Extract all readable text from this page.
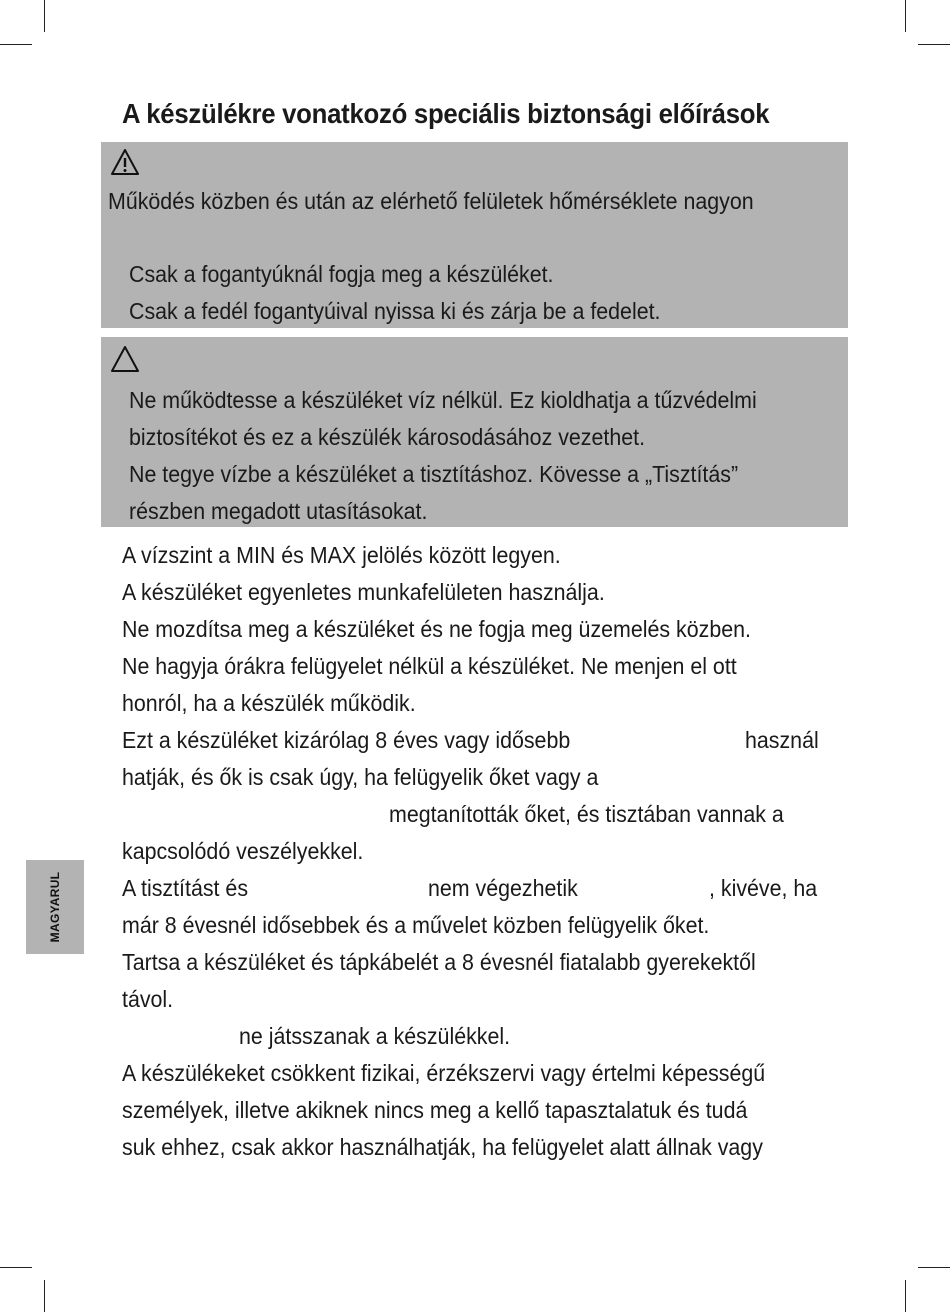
A készülékre vonatkozó speciális biztonsági előírások
Működés közben és után az elérhető felületek hőmérséklete nagyon
Csak a fogantyúknál fogja meg a készüléket.
Csak a fedél fogantyúival nyissa ki és zárja be a fedelet.
Ne működtesse a készüléket víz nélkül. Ez kioldhatja a tűzvédelmi
biztosítékot és ez a készülék károsodásához vezethet.
Ne tegye vízbe a készüléket a tisztításhoz. Kövesse a „Tisztítás”
részben megadott utasításokat.
A vízszint a MIN és MAX jelölés között legyen.
A készüléket egyenletes munkafelületen használja.
Ne mozdítsa meg a készüléket és ne fogja meg üzemelés közben.
Ne hagyja órákra felügyelet nélkül a készüléket. Ne menjen el ott
honról, ha a készülék működik.
Ezt a készüléket kizárólag 8 éves vagy idősebb	használ
hatják, és ők is csak úgy, ha felügyelik őket vagy a
megtanították őket, és tisztában vannak a
kapcsolódó veszélyekkel.
A tisztítást és	nem végezhetik	, kivéve, ha
már 8 évesnél idősebbek és a művelet közben felügyelik őket.
Tartsa a készüléket és tápkábelét a 8 évesnél fiatalabb gyerekektől
távol.
ne játsszanak a készülékkel.
A készülékeket csökkent fizikai, érzékszervi vagy értelmi képességű
személyek, illetve akiknek nincs meg a kellő tapasztalatuk és tudá
suk ehhez, csak akkor használhatják, ha felügyelet alatt állnak vagy
MAGYARUL
